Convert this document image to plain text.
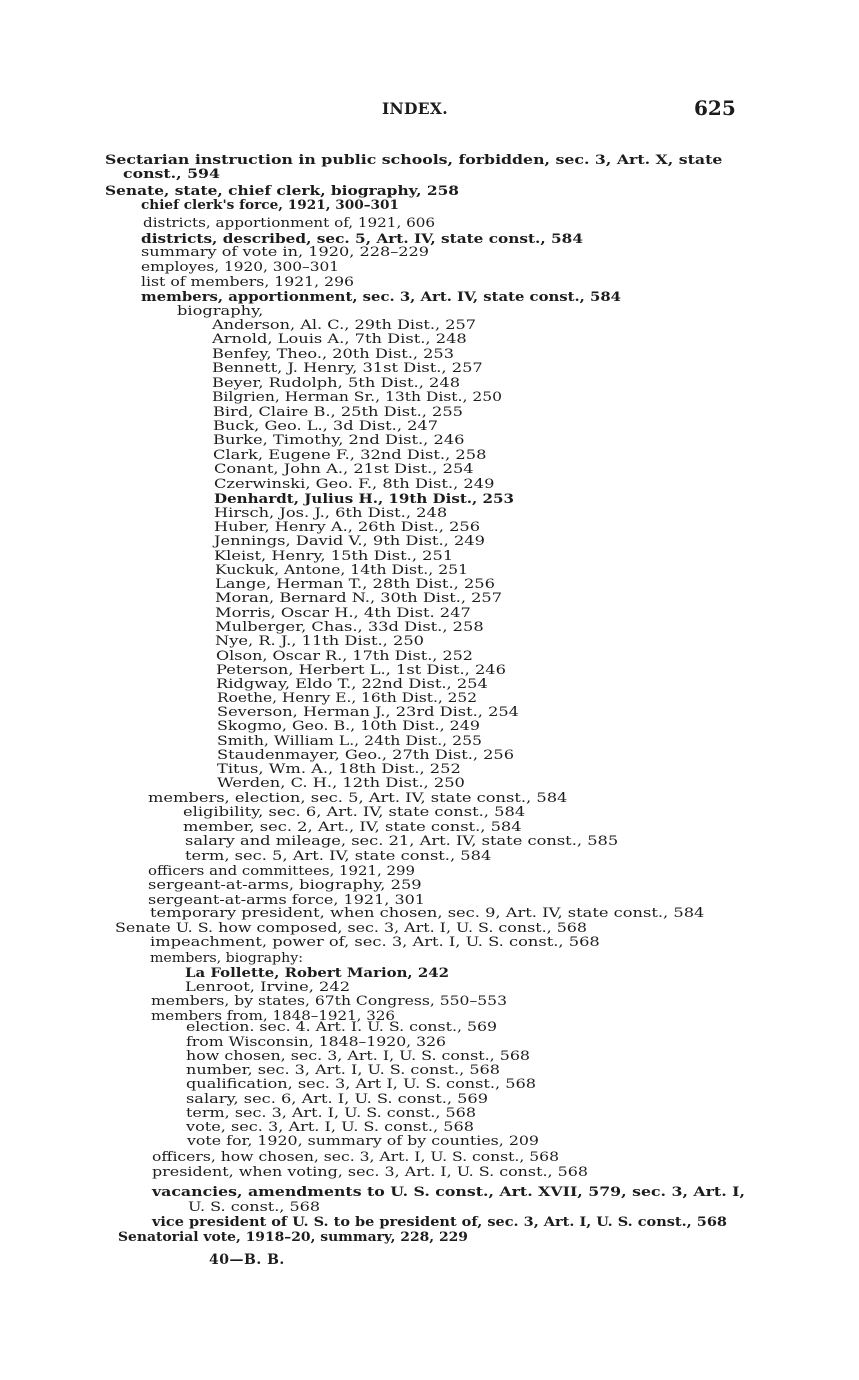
INDEX.	625
Sectarian instruction in public schools, forbidden, sec. 3, Art. X, state
const., 594
Senate, state, chief clerk, biography, 258
chief clerk's force, 1921, 300–301
districts, apportionment of, 1921, 606
districts, described, sec. 5, Art. IV, state const., 584
summary of vote in, 1920, 228–229
employes, 1920, 300–301
list of members, 1921, 296
members, apportionment, sec. 3, Art. IV, state const., 584
biography,
Anderson, Al. C., 29th Dist., 257
Arnold, Louis A., 7th Dist., 248
Benfey, Theo., 20th Dist., 253
Bennett, J. Henry, 31st Dist., 257
Beyer, Rudolph, 5th Dist., 248
Bilgrien, Herman Sr., 13th Dist., 250
Bird, Claire B., 25th Dist., 255
Buck, Geo. L., 3d Dist., 247
Burke, Timothy, 2nd Dist., 246
Clark, Eugene F., 32nd Dist., 258
Conant, John A., 21st Dist., 254
Czerwinski, Geo. F., 8th Dist., 249
Denhardt, Julius H., 19th Dist., 253
Hirsch, Jos. J., 6th Dist., 248
Huber, Henry A., 26th Dist., 256
Jennings, David V., 9th Dist., 249
Kleist, Henry, 15th Dist., 251
Kuckuk, Antone, 14th Dist., 251
Lange, Herman T., 28th Dist., 256
Moran, Bernard N., 30th Dist., 257
Morris, Oscar H., 4th Dist. 247
Mulberger, Chas., 33d Dist., 258
Nye, R. J., 11th Dist., 250
Olson, Oscar R., 17th Dist., 252
Peterson, Herbert L., 1st Dist., 246
Ridgway, Eldo T., 22nd Dist., 254
Roethe, Henry E., 16th Dist., 252
Severson, Herman J., 23rd Dist., 254
Skogmo, Geo. B., 10th Dist., 249
Smith, William L., 24th Dist., 255
Staudenmayer, Geo., 27th Dist., 256
Titus, Wm. A., 18th Dist., 252
Werden, C. H., 12th Dist., 250
members, election, sec. 5, Art. IV, state const., 584
eligibility, sec. 6, Art. IV, state const., 584
member, sec. 2, Art., IV, state const., 584
salary and mileage, sec. 21, Art. IV, state const., 585
term, sec. 5, Art. IV, state const., 584
officers and committees, 1921, 299
sergeant-at-arms, biography, 259
sergeant-at-arms force, 1921, 301
temporary president, when chosen, sec. 9, Art. IV, state const., 584
Senate U. S. how composed, sec. 3, Art. I, U. S. const., 568
impeachment, power of, sec. 3, Art. I, U. S. const., 568
members, biography:
La Follette, Robert Marion, 242
Lenroot, Irvine, 242
members, by states, 67th Congress, 550–553
members from, 1848–1921, 326
election. sec. 4. Art. I. U. S. const., 569
from Wisconsin, 1848–1920, 326
how chosen, sec. 3, Art. I, U. S. const., 568
number, sec. 3, Art. I, U. S. const., 568
qualification, sec. 3, Art I, U. S. const., 568
salary, sec. 6, Art. I, U. S. const., 569
term, sec. 3, Art. I, U. S. const., 568
vote, sec. 3, Art. I, U. S. const., 568
vote for, 1920, summary of by counties, 209
officers, how chosen, sec. 3, Art. I, U. S. const., 568
president, when voting, sec. 3, Art. I, U. S. const., 568
vacancies, amendments to U. S. const., Art. XVII, 579, sec. 3, Art. I,
U. S. const., 568
vice president of U. S. to be president of, sec. 3, Art. I, U. S. const., 568
Senatorial vote, 1918–20, summary, 228, 229
40—B. B.
